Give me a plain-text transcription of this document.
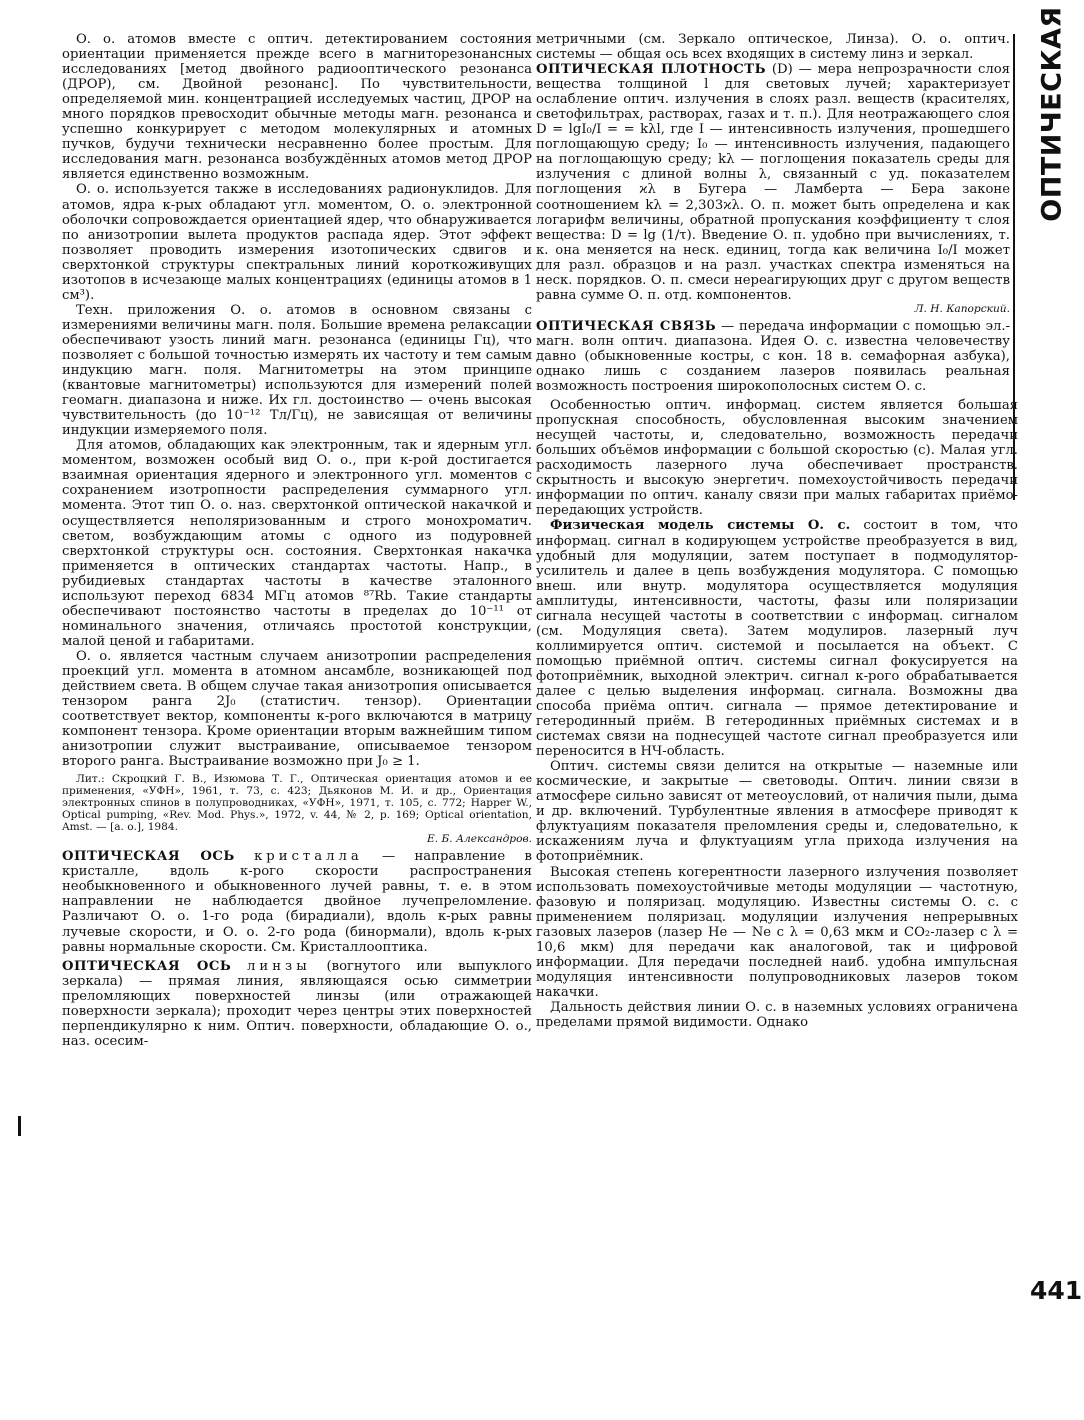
ОПТИЧЕСКАЯ

О. о. атомов вместе с оптич. детектированием состояния ориентации применяется прежде всего в магниторезонансных исследованиях [метод двойного радиооптического резонанса (ДРОР), см. Двойной резонанс]. По чувствительности, определяемой мин. концентрацией исследуемых частиц, ДРОР на много порядков превосходит обычные методы магн. резонанса и успешно конкурирует с методом молекулярных и атомных пучков, будучи технически несравненно более простым. Для исследования магн. резонанса возбуждённых атомов метод ДРОР является единственно возможным.

О. о. используется также в исследованиях радионуклидов. Для атомов, ядра к-рых обладают угл. моментом, О. о. электронной оболочки сопровождается ориентацией ядер, что обнаруживается по анизотропии вылета продуктов распада ядер. Этот эффект позволяет проводить измерения изотопических сдвигов и сверхтонкой структуры спектральных линий короткоживущих изотопов в исчезающе малых концентрациях (единицы атомов в 1 см³).

Техн. приложения О. о. атомов в основном связаны с измерениями величины магн. поля. Большие времена релаксации обеспечивают узость линий магн. резонанса (единицы Гц), что позволяет с большой точностью измерять их частоту и тем самым индукцию магн. поля. Магнитометры на этом принципе (квантовые магнитометры) используются для измерений полей геомагн. диапазона и ниже. Их гл. достоинство — очень высокая чувствительность (до 10⁻¹² Тл/Гц), не зависящая от величины индукции измеряемого поля.

Для атомов, обладающих как электронным, так и ядерным угл. моментом, возможен особый вид О. о., при к-рой достигается взаимная ориентация ядерного и электронного угл. моментов с сохранением изотропности распределения суммарного угл. момента. Этот тип О. о. наз. сверхтонкой оптической накачкой и осуществляется неполяризованным и строго монохроматич. светом, возбуждающим атомы с одного из подуровней сверхтонкой структуры осн. состояния. Сверхтонкая накачка применяется в оптических стандартах частоты. Напр., в рубидиевых стандартах частоты в качестве эталонного используют переход 6834 МГц атомов ⁸⁷Rb. Такие стандарты обеспечивают постоянство частоты в пределах до 10⁻¹¹ от номинального значения, отличаясь простотой конструкции, малой ценой и габаритами.

О. о. является частным случаем анизотропии распределения проекций угл. момента в атомном ансамбле, возникающей под действием света. В общем случае такая анизотропия описывается тензором ранга 2J₀ (статистич. тензор). Ориентации соответствует вектор, компоненты к-рого включаются в матрицу компонент тензора. Кроме ориентации вторым важнейшим типом анизотропии служит выстраивание, описываемое тензором второго ранга. Выстраивание возможно при J₀ ≥ 1.

Лит.: Скроцкий Г. В., Изюмова Т. Г., Оптическая ориентация атомов и ее применения, «УФН», 1961, т. 73, с. 423; Дьяконов М. И. и др., Ориентация электронных спинов в полупроводниках, «УФН», 1971, т. 105, с. 772; Happer W., Optical pumping, «Rev. Mod. Phys.», 1972, v. 44, № 2, p. 169; Optical orientation, Amst. — [a. o.], 1984.

Е. Б. Александров.

ОПТИЧЕСКАЯ ОСЬ кристалла — направление в кристалле, вдоль к-рого скорости распространения необыкновенного и обыкновенного лучей равны, т. е. в этом направлении не наблюдается двойное лучепреломление. Различают О. о. 1-го рода (бирадиали), вдоль к-рых равны лучевые скорости, и О. о. 2-го рода (бинормали), вдоль к-рых равны нормальные скорости. См. Кристаллооптика.

ОПТИЧЕСКАЯ ОСЬ линзы (вогнутого или выпуклого зеркала) — прямая линия, являющаяся осью симметрии преломляющих поверхностей линзы (или отражающей поверхности зеркала); проходит через центры этих поверхностей перпендикулярно к ним. Оптич. поверхности, обладающие О. о., наз. осесим-

метричными (см. Зеркало оптическое, Линза). О. о. оптич. системы — общая ось всех входящих в систему линз и зеркал.

ОПТИЧЕСКАЯ ПЛОТНОСТЬ (D) — мера непрозрачности слоя вещества толщиной l для световых лучей; характеризует ослабление оптич. излучения в слоях разл. веществ (красителях, светофильтрах, растворах, газах и т. п.). Для неотражающего слоя D = lgI₀/I = = kλl, где I — интенсивность излучения, прошедшего поглощающую среду; I₀ — интенсивность излучения, падающего на поглощающую среду; kλ — поглощения показатель среды для излучения с длиной волны λ, связанный с уд. показателем поглощения ϰλ в Бугера — Ламберта — Бера законе соотношением kλ = 2,303ϰλ. О. п. может быть определена и как логарифм величины, обратной пропускания коэффициенту τ слоя вещества: D = lg (1/τ). Введение О. п. удобно при вычислениях, т. к. она меняется на неск. единиц, тогда как величина I₀/I может для разл. образцов и на разл. участках спектра изменяться на неск. порядков. О. п. смеси нереагирующих друг с другом веществ равна сумме О. п. отд. компонентов.

Л. Н. Капорский.

ОПТИЧЕСКАЯ СВЯЗЬ — передача информации с помощью эл.-магн. волн оптич. диапазона. Идея О. с. известна человечеству давно (обыкновенные костры, с кон. 18 в. семафорная азбука), однако лишь с созданием лазеров появилась реальная возможность построения широкополосных систем О. с.

Особенностью оптич. информац. систем является большая пропускная способность, обусловленная высоким значением несущей частоты, и, следовательно, возможность передачи больших объёмов информации с большой скоростью (c). Малая угл. расходимость лазерного луча обеспечивает пространств. скрытность и высокую энергетич. помехоустойчивость передачи информации по оптич. каналу связи при малых габаритах приёмо-передающих устройств.

Физическая модель системы О. с. состоит в том, что информац. сигнал в кодирующем устройстве преобразуется в вид, удобный для модуляции, затем поступает в подмодулятор-усилитель и далее в цепь возбуждения модулятора. С помощью внеш. или внутр. модулятора осуществляется модуляция амплитуды, интенсивности, частоты, фазы или поляризации сигнала несущей частоты в соответствии с информац. сигналом (см. Модуляция света). Затем модулиров. лазерный луч коллимируется оптич. системой и посылается на объект. С помощью приёмной оптич. системы сигнал фокусируется на фотоприёмник, выходной электрич. сигнал к-рого обрабатывается далее с целью выделения информац. сигнала. Возможны два способа приёма оптич. сигнала — прямое детектирование и гетеродинный приём. В гетеродинных приёмных системах и в системах связи на поднесущей частоте сигнал преобразуется или переносится в НЧ-область.

Оптич. системы связи делится на открытые — наземные или космические, и закрытые — световоды. Оптич. линии связи в атмосфере сильно зависят от метеоусловий, от наличия пыли, дыма и др. включений. Турбулентные явления в атмосфере приводят к флуктуациям показателя преломления среды и, следовательно, к искажениям луча и флуктуациям угла прихода излучения на фотоприёмник.

Высокая степень когерентности лазерного излучения позволяет использовать помехоустойчивые методы модуляции — частотную, фазовую и поляризац. модуляцию. Известны системы О. с. с применением поляризац. модуляции излучения непрерывных газовых лазеров (лазер He — Ne с λ = 0,63 мкм и CO₂-лазер с λ = 10,6 мкм) для передачи как аналоговой, так и цифровой информации. Для передачи последней наиб. удобна импульсная модуляция интенсивности полупроводниковых лазеров током накачки.

Дальность действия линии О. с. в наземных условиях ограничена пределами прямой видимости. Однако

441
